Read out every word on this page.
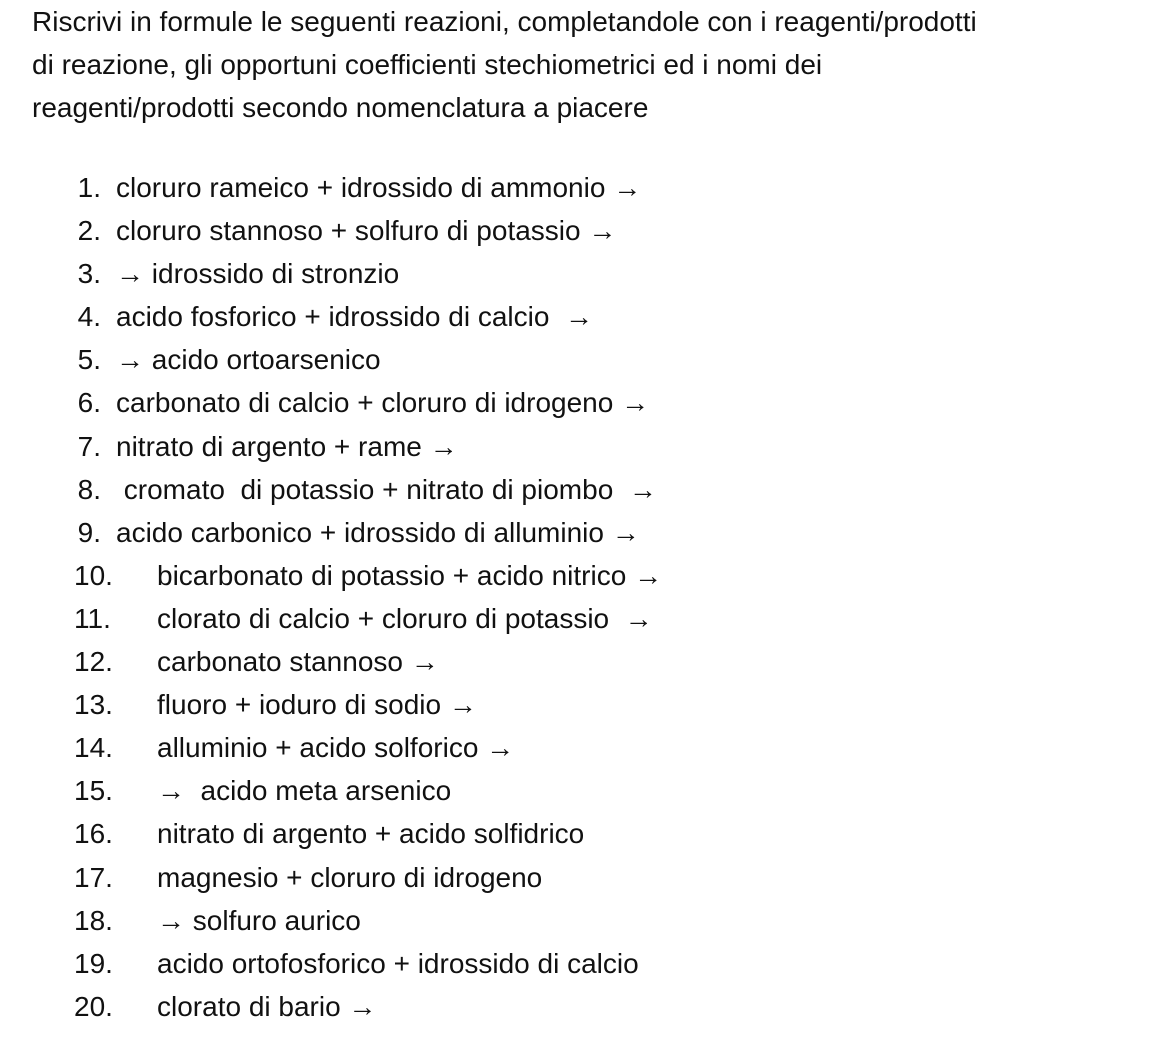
Riscrivi in formule le seguenti reazioni, completandole con i reagenti/prodotti
di reazione, gli opportuni coefficienti stechiometrici ed i nomi dei
reagenti/prodotti secondo nomenclatura a piacere

1. cloruro rameico + idrossido di ammonio →
2. cloruro stannoso + solfuro di potassio →
3. → idrossido di stronzio
4. acido fosforico + idrossido di calcio  →
5. → acido ortoarsenico
6. carbonato di calcio + cloruro di idrogeno →
7. nitrato di argento + rame →
8. cromato  di potassio + nitrato di piombo  →
9. acido carbonico + idrossido di alluminio →
10. bicarbonato di potassio + acido nitrico →
11. clorato di calcio + cloruro di potassio  →
12. carbonato stannoso →
13. fluoro + ioduro di sodio →
14. alluminio + acido solforico →
15. →  acido meta arsenico
16. nitrato di argento + acido solfidrico
17. magnesio + cloruro di idrogeno
18. → solfuro aurico
19. acido ortofosforico + idrossido di calcio
20. clorato di bario →
